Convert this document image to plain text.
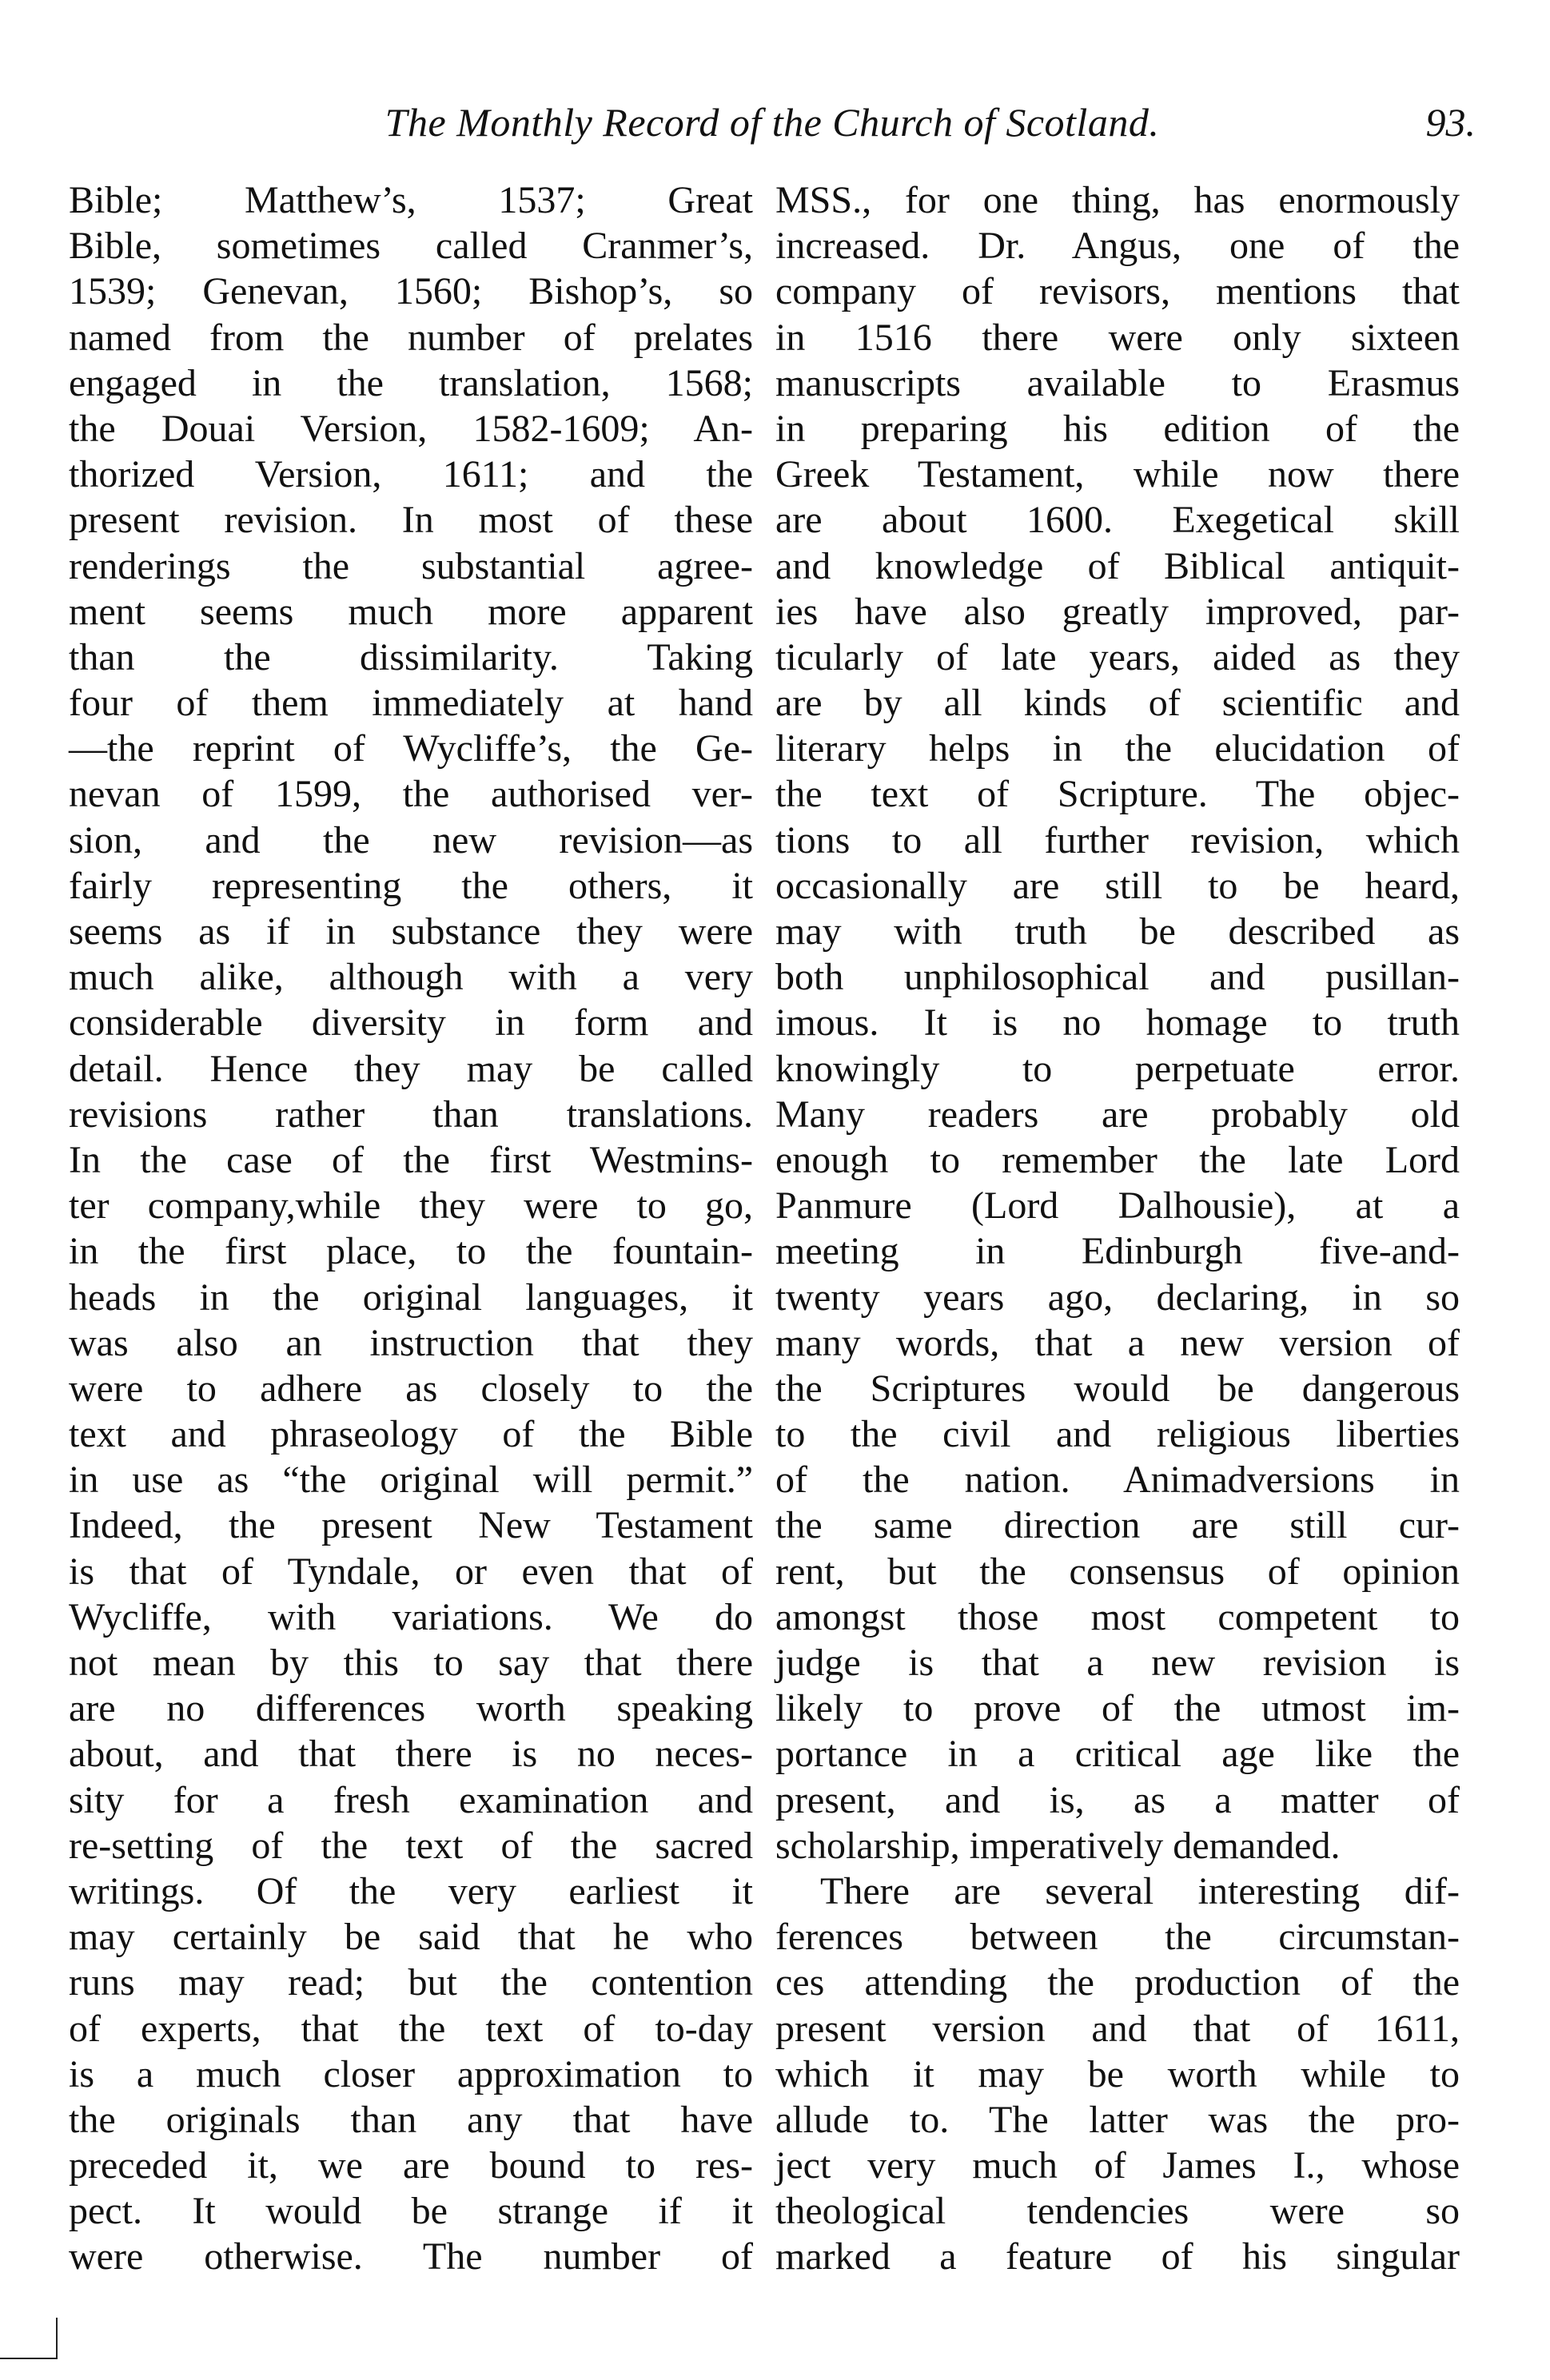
The Monthly Record of the Church of Scotland.	93.
Bible; Matthew’s, 1537; Great
Bible, sometimes called Cranmer’s,
1539; Genevan, 1560; Bishop’s, so
named from the number of prelates
engaged in the translation, 1568;
the Douai Version, 1582-1609; An-
thorized Version, 1611; and the
present revision. In most of these
renderings the substantial agree-
ment seems much more apparent
than the dissimilarity. Taking
four of them immediately at hand
—the reprint of Wycliffe’s, the Ge-
nevan of 1599, the authorised ver-
sion, and the new revision—as
fairly representing the others, it
seems as if in substance they were
much alike, although with a very
considerable diversity in form and
detail. Hence they may be called
revisions rather than translations.
In the case of the first Westmins-
ter company,while they were to go,
in the first place, to the fountain-
heads in the original languages, it
was also an instruction that they
were to adhere as closely to the
text and phraseology of the Bible
in use as “the original will permit.”
Indeed, the present New Testament
is that of Tyndale, or even that of
Wycliffe, with variations. We do
not mean by this to say that there
are no differences worth speaking
about, and that there is no neces-
sity for a fresh examination and
re-setting of the text of the sacred
writings. Of the very earliest it
may certainly be said that he who
runs may read; but the contention
of experts, that the text of to-day
is a much closer approximation to
the originals than any that have
preceded it, we are bound to res-
pect. It would be strange if it
were otherwise. The number of
MSS., for one thing, has enormously
increased. Dr. Angus, one of the
company of revisors, mentions that
in 1516 there were only sixteen
manuscripts available to Erasmus
in preparing his edition of the
Greek Testament, while now there
are about 1600. Exegetical skill
and knowledge of Biblical antiquit-
ies have also greatly improved, par-
ticularly of late years, aided as they
are by all kinds of scientific and
literary helps in the elucidation of
the text of Scripture. The objec-
tions to all further revision, which
occasionally are still to be heard,
may with truth be described as
both unphilosophical and pusillan-
imous. It is no homage to truth
knowingly to perpetuate error.
Many readers are probably old
enough to remember the late Lord
Panmure (Lord Dalhousie), at a
meeting in Edinburgh five-and-
twenty years ago, declaring, in so
many words, that a new version of
the Scriptures would be dangerous
to the civil and religious liberties
of the nation. Animadversions in
the same direction are still cur-
rent, but the consensus of opinion
amongst those most competent to
judge is that a new revision is
likely to prove of the utmost im-
portance in a critical age like the
present, and is, as a matter of
scholarship, imperatively demanded.
There are several interesting dif-
ferences between the circumstan-
ces attending the production of the
present version and that of 1611,
which it may be worth while to
allude to. The latter was the pro-
ject very much of James I., whose
theological tendencies were so
marked a feature of his singular
